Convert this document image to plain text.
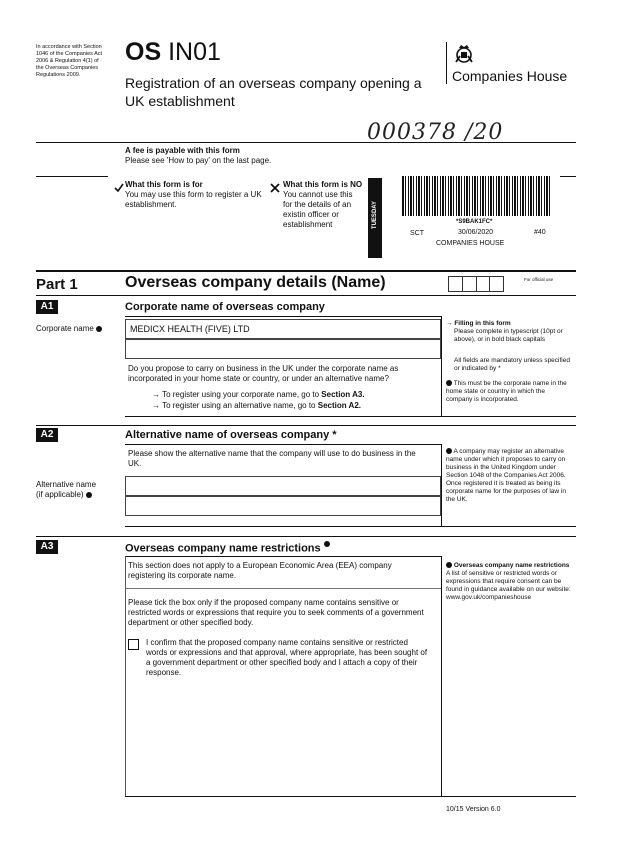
In accordance with Section 1046 of the Companies Act 2006 & Regulation 4(1) of the Overseas Companies Regulations 2009.
OS IN01
Registration of an overseas company opening a UK establishment
Companies House
000378 /20
A fee is payable with this form
Please see 'How to pay' on the last page.
What this form is for
You may use this form to register a UK establishment.
What this form is NO
You cannot use this for the details of an existin officer or establishment	TUESDAY	*S9BAK1FC*
SCT	30/06/2020	#40
COMPANIES HOUSE
Part 1	Overseas company details (Name)	For official use
A1	Corporate name of overseas company
Corporate name	MEDICX HEALTH (FIVE) LTD
Do you propose to carry on business in the UK under the corporate name as incorporated in your home state or country, or under an alternative name?
→ To register using your corporate name, go to Section A3.
→ To register using an alternative name, go to Section A2.
→ Filling in this form
Please complete in typescript (10pt or above), or in bold black capitals
All fields are mandatory unless specified or indicated by *
This must be the corporate name in the home state or country in which the company is incorporated.
A2	Alternative name of overseas company *
Please show the alternative name that the company will use to do business in the UK.
Alternative name
(if applicable)
A company may register an alternative name under which it proposes to carry on business in the United Kingdom under Section 1048 of the Companies Act 2006. Once registered it is treated as being its corporate name for the purposes of law in the UK.
A3	Overseas company name restrictions
This section does not apply to a European Economic Area (EEA) company registering its corporate name.
Please tick the box only if the proposed company name contains sensitive or restricted words or expressions that require you to seek comments of a government department or other specified body.
I confirm that the proposed company name contains sensitive or restricted words or expressions and that approval, where appropriate, has been sought of a government department or other specified body and I attach a copy of their response.
Overseas company name restrictions
A list of sensitive or restricted words or expressions that require consent can be found in guidance available on our website: www.gov.uk/companieshouse
10/15 Version 6.0
